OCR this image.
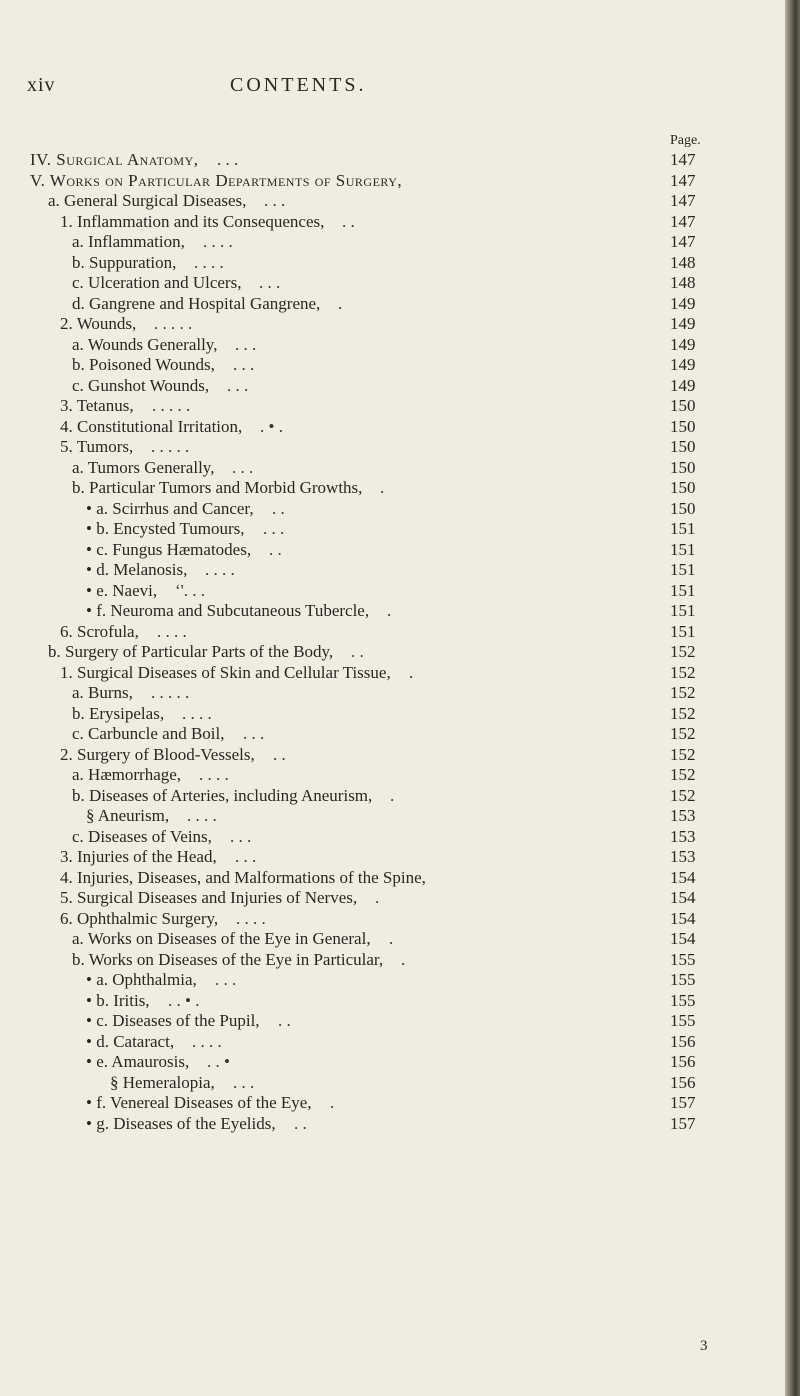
xiv	CONTENTS.
Page.
IV. Surgical Anatomy, . . .	147
V. Works on Particular Departments of Surgery,	147
a. General Surgical Diseases, . . .	147
1. Inflammation and its Consequences, . .	147
a. Inflammation, . . . .	147
b. Suppuration, . . . .	148
c. Ulceration and Ulcers, . . .	148
d. Gangrene and Hospital Gangrene, .	149
2. Wounds, . . . . .	149
a. Wounds Generally, . . .	149
b. Poisoned Wounds, . . .	149
c. Gunshot Wounds, . . .	149
3. Tetanus, . . . . .	150
4. Constitutional Irritation, . • .	150
5. Tumors, . . . . .	150
a. Tumors Generally, . . .	150
b. Particular Tumors and Morbid Growths, .	150
• a. Scirrhus and Cancer, . .	150
• b. Encysted Tumours, . . .	151
• c. Fungus Hæmatodes, . .	151
• d. Melanosis, . . . .	151
• e. Naevi, ‘'. . .	151
• f. Neuroma and Subcutaneous Tubercle, .	151
6. Scrofula, . . . .	151
b. Surgery of Particular Parts of the Body, . .	152
1. Surgical Diseases of Skin and Cellular Tissue, .	152
a. Burns, . . . . .	152
b. Erysipelas, . . . .	152
c. Carbuncle and Boil, . . .	152
2. Surgery of Blood-Vessels, . .	152
a. Hæmorrhage, . . . .	152
b. Diseases of Arteries, including Aneurism, .	152
§ Aneurism, . . . .	153
c. Diseases of Veins, . . .	153
3. Injuries of the Head, . . .	153
4. Injuries, Diseases, and Malformations of the Spine,	154
5. Surgical Diseases and Injuries of Nerves, .	154
6. Ophthalmic Surgery, . . . .	154
a. Works on Diseases of the Eye in General, .	154
b. Works on Diseases of the Eye in Particular, .	155
• a. Ophthalmia, . . .	155
• b. Iritis, . . • .	155
• c. Diseases of the Pupil, . .	155
• d. Cataract, . . . .	156
• e. Amaurosis, . . •	156
§ Hemeralopia, . . .	156
• f. Venereal Diseases of the Eye, .	157
• g. Diseases of the Eyelids, . .	157
3
